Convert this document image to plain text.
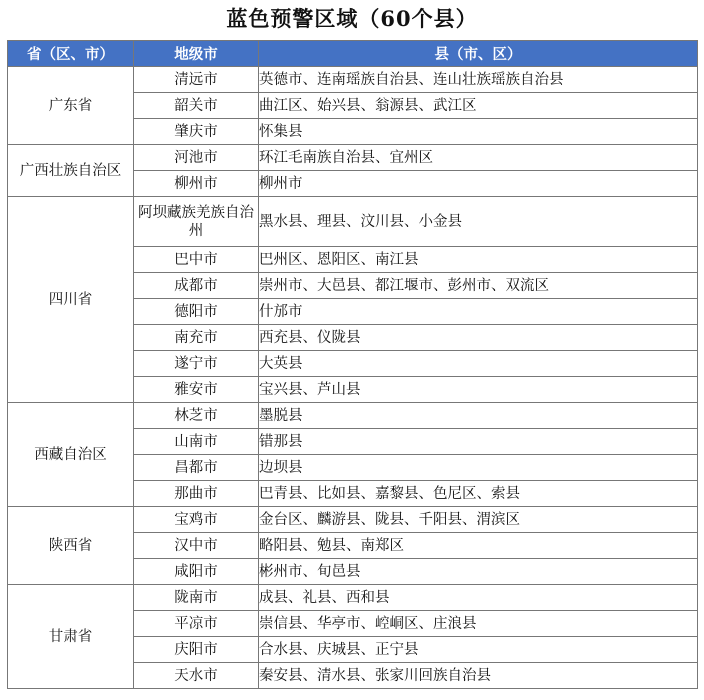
蓝色预警区域（60个县）
省（区、市）	地级市	县（市、区）
广东省	清远市	英德市、连南瑶族自治县、连山壮族瑶族自治县
	韶关市	曲江区、始兴县、翁源县、武江区
	肇庆市	怀集县
广西壮族自治区	河池市	环江毛南族自治县、宜州区
	柳州市	柳州市
四川省	阿坝藏族羌族自治州	黑水县、理县、汶川县、小金县
	巴中市	巴州区、恩阳区、南江县
	成都市	崇州市、大邑县、都江堰市、彭州市、双流区
	德阳市	什邡市
	南充市	西充县、仪陇县
	遂宁市	大英县
	雅安市	宝兴县、芦山县
西藏自治区	林芝市	墨脱县
	山南市	错那县
	昌都市	边坝县
	那曲市	巴青县、比如县、嘉黎县、色尼区、索县
陕西省	宝鸡市	金台区、麟游县、陇县、千阳县、渭滨区
	汉中市	略阳县、勉县、南郑区
	咸阳市	彬州市、旬邑县
甘肃省	陇南市	成县、礼县、西和县
	平凉市	崇信县、华亭市、崆峒区、庄浪县
	庆阳市	合水县、庆城县、正宁县
	天水市	秦安县、清水县、张家川回族自治县
